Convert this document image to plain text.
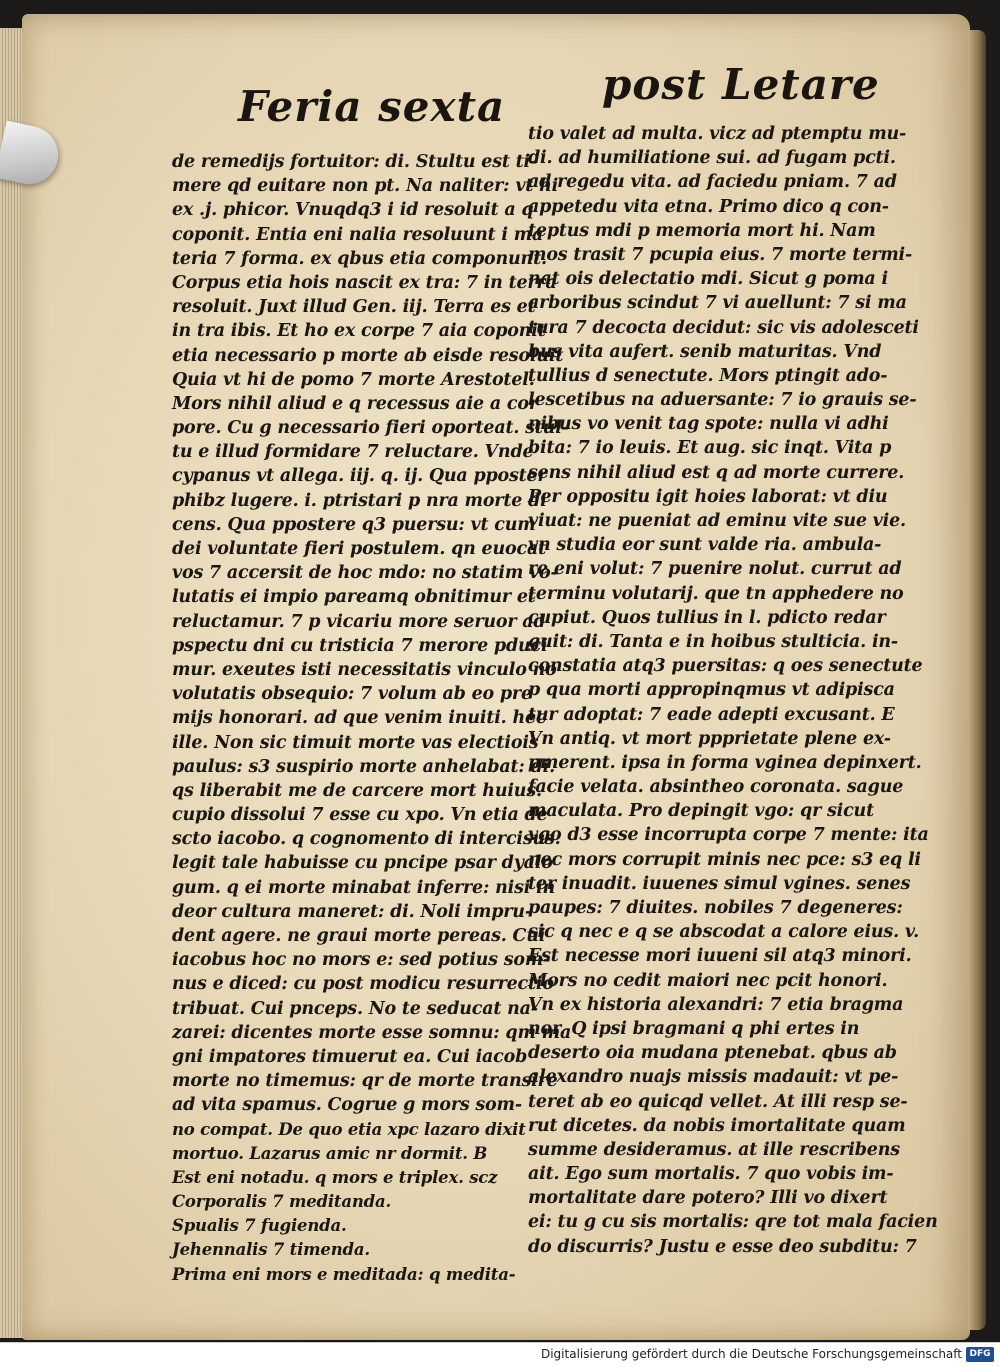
Feria sexta post Letare
de remedijs fortuitor: di. Stultu est ti-
mere qd euitare non pt. Na naliter: vt hi
ex .j. phicor. Vnuqdq3 i id resoluit a q
coponit. Entia eni nalia resoluunt i ma
teria 7 forma. ex qbus etia componunt.
Corpus etia hois nascit ex tra: 7 in terra
resoluit. Juxt illud Gen. iij. Terra es et
in tra ibis. Et ho ex corpe 7 aia coponit
etia necessario p morte ab eisde resoluit
Quia vt hi de pomo 7 morte Arestotel.
Mors nihil aliud e q recessus aie a cor
pore. Cu g necessario fieri oporteat. stul-
tu e illud formidare 7 reluctare. Vnde
cypanus vt allega. iij. q. ij. Qua pposter
phibz lugere. i. ptristari p nra morte di
cens. Qua ppostere q3 puersu: vt cum
dei voluntate fieri postulem. qn euocat
vos 7 accersit de hoc mdo: no statim vo-
lutatis ei impio pareamq obnitimur et
reluctamur. 7 p vicariu more seruor ad
pspectu dni cu tristicia 7 merore pduci
mur. exeutes isti necessitatis vinculo no
volutatis obsequio: 7 volum ab eo pre
mijs honorari. ad que venim inuiti. hec
ille. Non sic timuit morte vas electiois
paulus: s3 suspirio morte anhelabat: di.
qs liberabit me de carcere mort huius.
cupio dissolui 7 esse cu xpo. Vn etia de
scto iacobo. q cognomento di intercisus.
legit tale habuisse cu pncipe psar dyalo
gum. q ei morte minabat inferre: nisi in
deor cultura maneret: di. Noli impru-
dent agere. ne graui morte pereas. Cui
iacobus hoc no mors e: sed potius som-
nus e diced: cu post modicu resurrectio
tribuat. Cui pnceps. No te seducat na-
zarei: dicentes morte esse somnu: qm ma
gni impatores timuerut ea. Cui iacob
morte no timemus: qr de morte transire
ad vita spamus. Cogrue g mors som-
no compat. De quo etia xpc lazaro dixit
mortuo. Lazarus amic nr dormit. B
Est eni notadu. q mors e triplex. scz
Corporalis 7 meditanda.
Spualis 7 fugienda.
Jehennalis 7 timenda.
Prima eni mors e meditada: q medita-
tio valet ad multa. vicz ad ptemptu mu-
di. ad humiliatione sui. ad fugam pcti.
ad regedu vita. ad faciedu pniam. 7 ad
appetedu vita etna. Primo dico q con-
teptus mdi p memoria mort hi. Nam
mos trasit 7 pcupia eius. 7 morte termi-
nat ois delectatio mdi. Sicut g poma i
arboribus scindut 7 vi auellunt: 7 si ma
tura 7 decocta decidut: sic vis adolesceti
bus vita aufert. senib maturitas. Vnd
tullius d senectute. Mors ptingit ado-
lescetibus na aduersante: 7 io grauis se-
nibus vo venit tag spote: nulla vi adhi
bita: 7 io leuis. Et aug. sic inqt. Vita p
sens nihil aliud est q ad morte currere.
Per oppositu igit hoies laborat: vt diu
viuat: ne pueniat ad eminu vite sue vie.
vn studia eor sunt valde ria. ambula-
re eni volut: 7 puenire nolut. currut ad
terminu volutarij. que tn apphedere no
cupiut. Quos tullius in l. pdicto redar
guit: di. Tanta e in hoibus stulticia. in-
constatia atq3 puersitas: q oes senectute
p qua morti appropinqmus vt adipisca
tur adoptat: 7 eade adepti excusant. E
Vn antiq. vt mort ppprietate plene ex-
pmerent. ipsa in forma vginea depinxert.
facie velata. absintheo coronata. sague
maculata. Pro depingit vgo: qr sicut
vgo d3 esse incorrupta corpe 7 mente: ita
nec mors corrupit minis nec pce: s3 eq li
ter inuadit. iuuenes simul vgines. senes
paupes: 7 diuites. nobiles 7 degeneres:
sic q nec e q se abscodat a calore eius. v.
Est necesse mori iuueni sil atq3 minori.
Mors no cedit maiori nec pcit honori.
Vn ex historia alexandri: 7 etia bragma
nor. Q ipsi bragmani q phi ertes in
deserto oia mudana ptenebat. qbus ab
alexandro nuajs missis madauit: vt pe-
teret ab eo quicqd vellet. At illi resp se-
rut dicetes. da nobis imortalitate quam
summe desideramus. at ille rescribens
ait. Ego sum mortalis. 7 quo vobis im-
mortalitate dare potero? Illi vo dixert
ei: tu g cu sis mortalis: qre tot mala facien
do discurris? Justu e esse deo subditu: 7
Digitalisierung gefördert durch die Deutsche Forschungsgemeinschaft DFG
